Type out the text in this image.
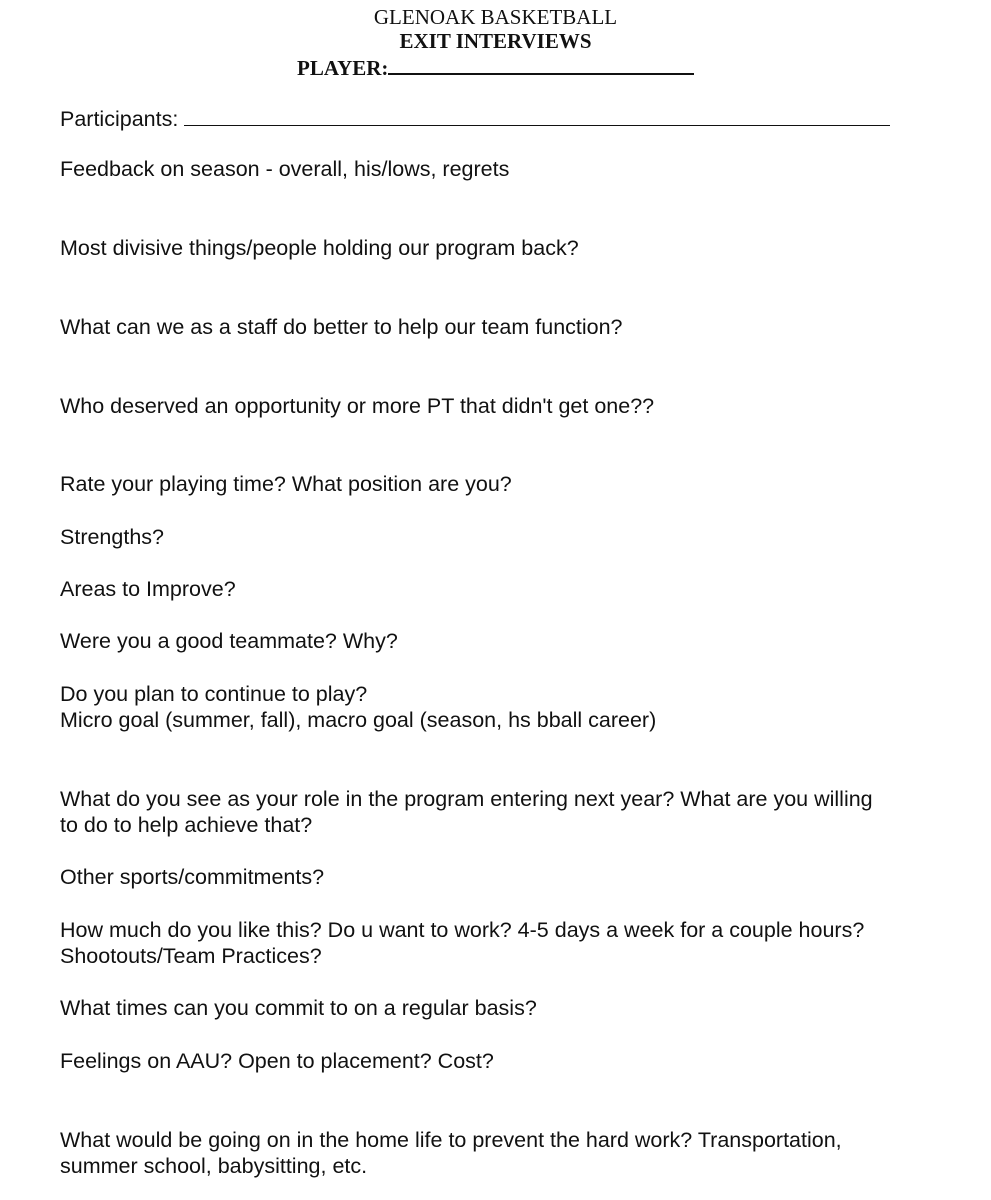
GLENOAK BASKETBALL
EXIT INTERVIEWS
PLAYER:
Participants:
Feedback on season - overall, his/lows, regrets
Most divisive things/people holding our program back?
What can we as a staff do better to help our team function?
Who deserved an opportunity or more PT that didn't get one??
Rate your playing time? What position are you?
Strengths?
Areas to Improve?
Were you a good teammate? Why?
Do you plan to continue to play?
Micro goal (summer, fall), macro goal (season, hs bball career)
What do you see as your role in the program entering next year? What are you willing
to do to help achieve that?
Other sports/commitments?
How much do you like this? Do u want to work? 4-5 days a week for a couple hours?
Shootouts/Team Practices?
What times can you commit to on a regular basis?
Feelings on AAU? Open to placement? Cost?
What would be going on in the home life to prevent the hard work? Transportation,
summer school, babysitting, etc.
